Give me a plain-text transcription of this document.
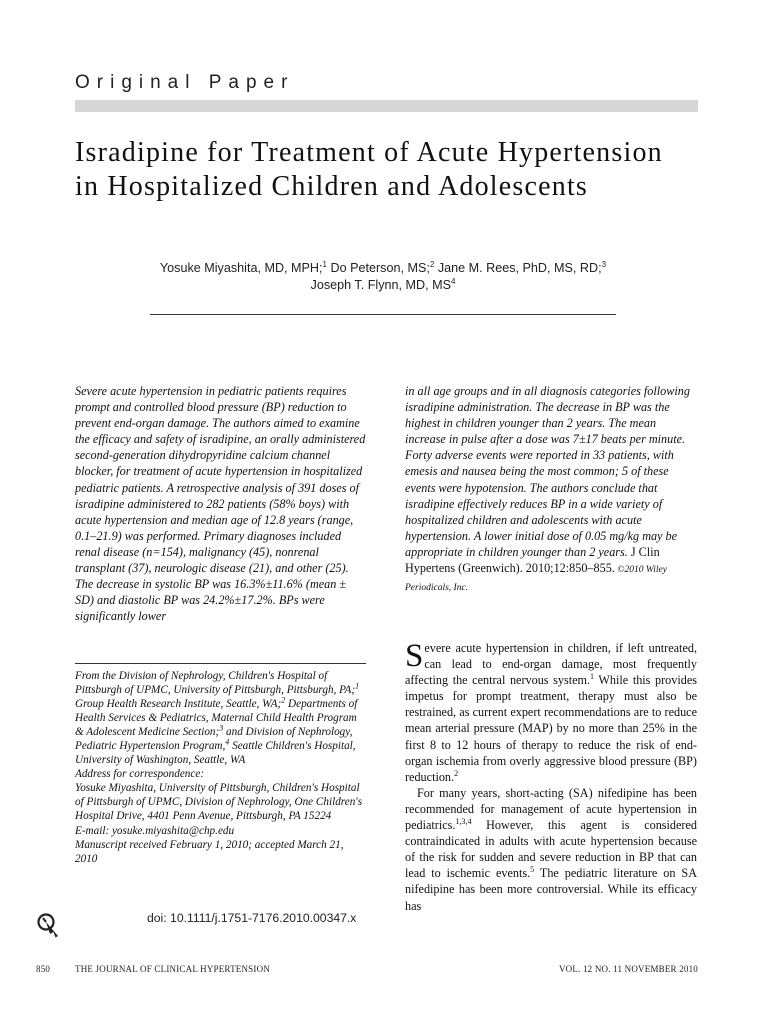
Original Paper
Isradipine for Treatment of Acute Hypertension in Hospitalized Children and Adolescents
Yosuke Miyashita, MD, MPH;$^1$ Do Peterson, MS;$^2$ Jane M. Rees, PhD, MS, RD;$^3$
Joseph T. Flynn, MD, $MS^4$
Severe acute hypertension in pediatric patients requires prompt and controlled blood pressure (BP) reduction to prevent end-organ damage. The authors aimed to examine the efficacy and safety of isradipine, an orally administered second-generation dihydropyridine calcium channel blocker, for treatment of acute hypertension in hospitalized pediatric patients. A retrospective analysis of 391 doses of isradipine administered to 282 patients (58% boys) with acute hypertension and median age of 12.8 years (range, 0.1–21.9) was performed. Primary diagnoses included renal disease (n=154), malignancy (45), nonrenal transplant (37), neurologic disease (21), and other (25). The decrease in systolic BP was 16.3%±11.6% (mean ± SD) and diastolic BP was 24.2%±17.2%. BPs were significantly lower
in all age groups and in all diagnosis categories following isradipine administration. The decrease in BP was the highest in children younger than 2 years. The mean increase in pulse after a dose was 7±17 beats per minute. Forty adverse events were reported in 33 patients, with emesis and nausea being the most common; 5 of these events were hypotension. The authors conclude that isradipine effectively reduces BP in a wide variety of hospitalized children and adolescents with acute hypertension. A lower initial dose of 0.05 mg/kg may be appropriate in children younger than 2 years. J Clin Hypertens (Greenwich). 2010;12:850–855. ©2010 Wiley Periodicals, Inc.

From the Division of Nephrology, Children's Hospital of Pittsburgh of UPMC, University of Pittsburgh, Pittsburgh, PA;$^1$ Group Health Research Institute, Seattle, WA;$^2$ Departments of Health Services & Pediatrics, Maternal Child Health Program & Adolescent Medicine Section;$^3$ and Division of Nephrology, Pediatric Hypertension Program,$^4$ Seattle Children's Hospital, University of Washington, Seattle, WA

Address for correspondence:

Yosuke Miyashita, University of Pittsburgh, Children's Hospital of Pittsburgh of UPMC, Division of Nephrology, One Children's Hospital Drive, 4401 Penn Avenue, Pittsburgh, PA 15224

E-mail: yosuke.miyashita@chp.edu

Manuscript received February 1, 2010; accepted March 21, 2010

doi: 10.1111/j.1751-7176.2010.00347.x

Severe acute hypertension in children, if left untreated, can lead to end-organ damage, most frequently affecting the central nervous system.$^1$ While this provides impetus for prompt treatment, therapy must also be restrained, as current expert recommendations are to reduce mean arterial pressure (MAP) by no more than 25% in the first 8 to 12 hours of therapy to reduce the risk of end-organ ischemia from overly aggressive blood pressure (BP) reduction.$^2$

For many years, short-acting (SA) nifedipine has been recommended for management of acute hypertension in pediatrics.$^{1,3,4}$ However, this agent is considered contraindicated in adults with acute hypertension because of the risk for sudden and severe reduction in BP that can lead to ischemic events.$^5$ The pediatric literature on SA nifedipine has been more controversial. While its efficacy has

850	THE JOURNAL OF CLINICAL HYPERTENSION	VOL. 12 NO. 11 NOVEMBER 2010
